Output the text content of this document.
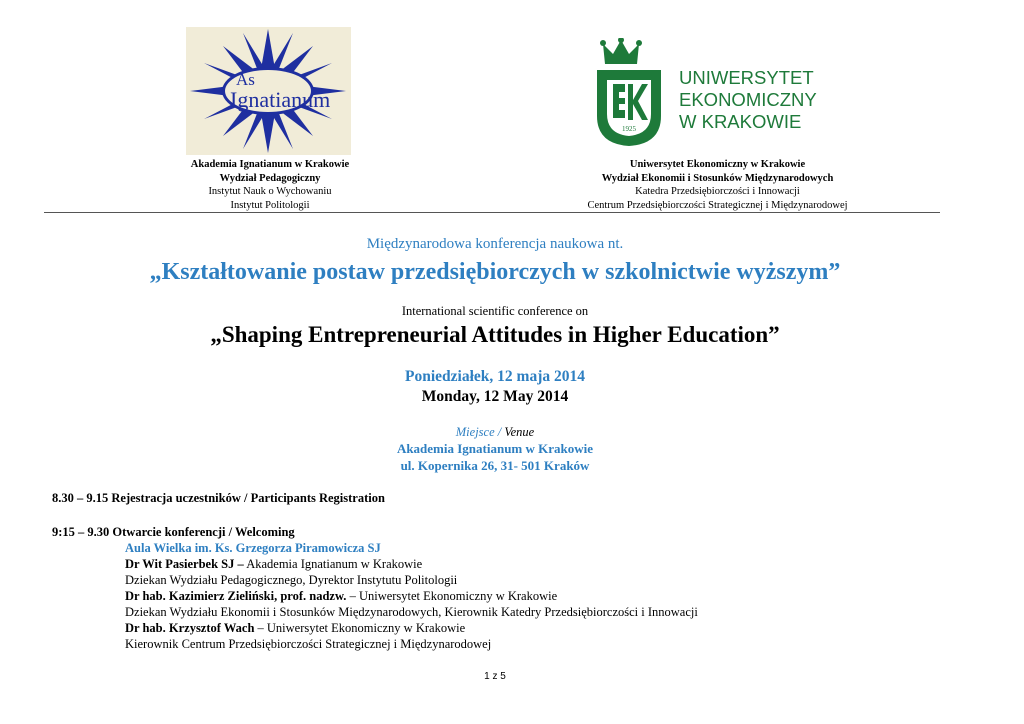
As
Ignatianum
1925
UNIWERSYTET
EKONOMICZNY
W KRAKOWIE
Akademia Ignatianum w Krakowie
Wydział Pedagogiczny
Instytut Nauk o Wychowaniu
Instytut Politologii
Uniwersytet Ekonomiczny w Krakowie
Wydział Ekonomii i Stosunków Międzynarodowych
Katedra Przedsiębiorczości i Innowacji
Centrum Przedsiębiorczości Strategicznej i Międzynarodowej
Międzynarodowa konferencja naukowa nt.
„Kształtowanie postaw przedsiębiorczych w szkolnictwie wyższym”
International scientific conference on
„Shaping Entrepreneurial Attitudes in Higher Education”
Poniedziałek, 12 maja 2014
Monday, 12 May 2014
Miejsce / Venue
Akademia Ignatianum w Krakowie
ul. Kopernika 26, 31- 501 Kraków
8.30 – 9.15 Rejestracja uczestników / Participants Registration
9:15 – 9.30 Otwarcie konferencji / Welcoming
Aula Wielka im. Ks. Grzegorza Piramowicza SJ
Dr Wit Pasierbek SJ – Akademia Ignatianum w Krakowie
Dziekan Wydziału Pedagogicznego, Dyrektor Instytutu Politologii
Dr hab. Kazimierz Zieliński, prof. nadzw. – Uniwersytet Ekonomiczny w Krakowie
Dziekan Wydziału Ekonomii i Stosunków Międzynarodowych, Kierownik Katedry Przedsiębiorczości i Innowacji
Dr hab. Krzysztof Wach – Uniwersytet Ekonomiczny w Krakowie
Kierownik Centrum Przedsiębiorczości Strategicznej i Międzynarodowej
1 z 5
